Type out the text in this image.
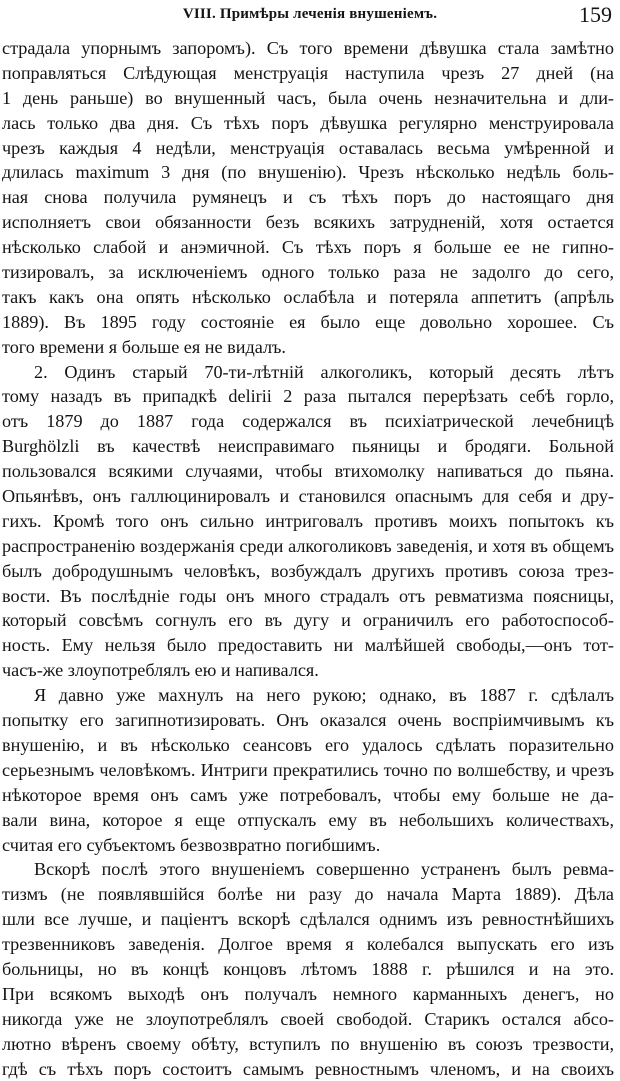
VIII. Примѣры леченія внушеніемъ.	159
страдала упорнымъ запоромъ). Съ того времени дѣвушка стала замѣтно
поправляться Слѣдующая менструація наступила чрезъ 27 дней (на
1 день раньше) во внушенный часъ, была очень незначительна и дли-
лась только два дня. Съ тѣхъ поръ дѣвушка регулярно менструировала
чрезъ каждыя 4 недѣли, менструація оставалась весьма умѣренной и
длилась maximum 3 дня (по внушенію). Чрезъ нѣсколько недѣль боль-
ная снова получила румянецъ и съ тѣхъ поръ до настоящаго дня
исполняетъ свои обязанности безъ всякихъ затрудненій, хотя остается
нѣсколько слабой и анэмичной. Съ тѣхъ поръ я больше ее не гипно-
тизировалъ, за исключеніемъ одного только раза не задолго до сего,
такъ какъ она опять нѣсколько ослабѣла и потеряла аппетитъ (апрѣль
1889). Въ 1895 году состояніе ея было еще довольно хорошее. Съ
того времени я больше ея не видалъ.
2. Одинъ старый 70-ти-лѣтній алкоголикъ, который десять лѣтъ
тому назадъ въ припадкѣ delirii 2 раза пытался перерѣзать себѣ горло,
отъ 1879 до 1887 года содержался въ психіатрической лечебницѣ
Burghölzli въ качествѣ неисправимаго пьяницы и бродяги. Больной
пользовался всякими случаями, чтобы втихомолку напиваться до пьяна.
Опьянѣвъ, онъ галлюцинировалъ и становился опаснымъ для себя и дру-
гихъ. Кромѣ того онъ сильно интриговалъ противъ моихъ попытокъ къ
распространенію воздержанія среди алкоголиковъ заведенія, и хотя въ общемъ
былъ добродушнымъ человѣкъ, возбуждалъ другихъ противъ союза трез-
вости. Въ послѣдніе годы онъ много страдалъ отъ ревматизма поясницы,
который совсѣмъ согнулъ его въ дугу и ограничилъ его работоспособ-
ность. Ему нельзя было предоставить ни малѣйшей свободы,—онъ тот-
часъ-же злоупотреблялъ ею и напивался.
Я давно уже махнулъ на него рукою; однако, въ 1887 г. сдѣлалъ
попытку его загипнотизировать. Онъ оказался очень воспріимчивымъ къ
внушенію, и въ нѣсколько сеансовъ его удалось сдѣлать поразительно
серьезнымъ человѣкомъ. Интриги прекратились точно по волшебству, и чрезъ
нѣкоторое время онъ самъ уже потребовалъ, чтобы ему больше не да-
вали вина, которое я еще отпускалъ ему въ небольшихъ количествахъ,
считая его субъектомъ безвозвратно погибшимъ.
Вскорѣ послѣ этого внушеніемъ совершенно устраненъ былъ ревма-
тизмъ (не появлявшійся болѣе ни разу до начала Марта 1889). Дѣла
шли все лучше, и паціентъ вскорѣ сдѣлался однимъ изъ ревностнѣйшихъ
трезвенниковъ заведенія. Долгое время я колебался выпускать его изъ
больницы, но въ концѣ концовъ лѣтомъ 1888 г. рѣшился и на это.
При всякомъ выходѣ онъ получалъ немного карманныхъ денегъ, но
никогда уже не злоупотреблялъ своей свободой. Старикъ остался абсо-
лютно вѣренъ своему обѣту, вступилъ по внушенію въ союзъ трезвости,
гдѣ съ тѣхъ поръ состоитъ самымъ ревностнымъ членомъ, и на своихъ
